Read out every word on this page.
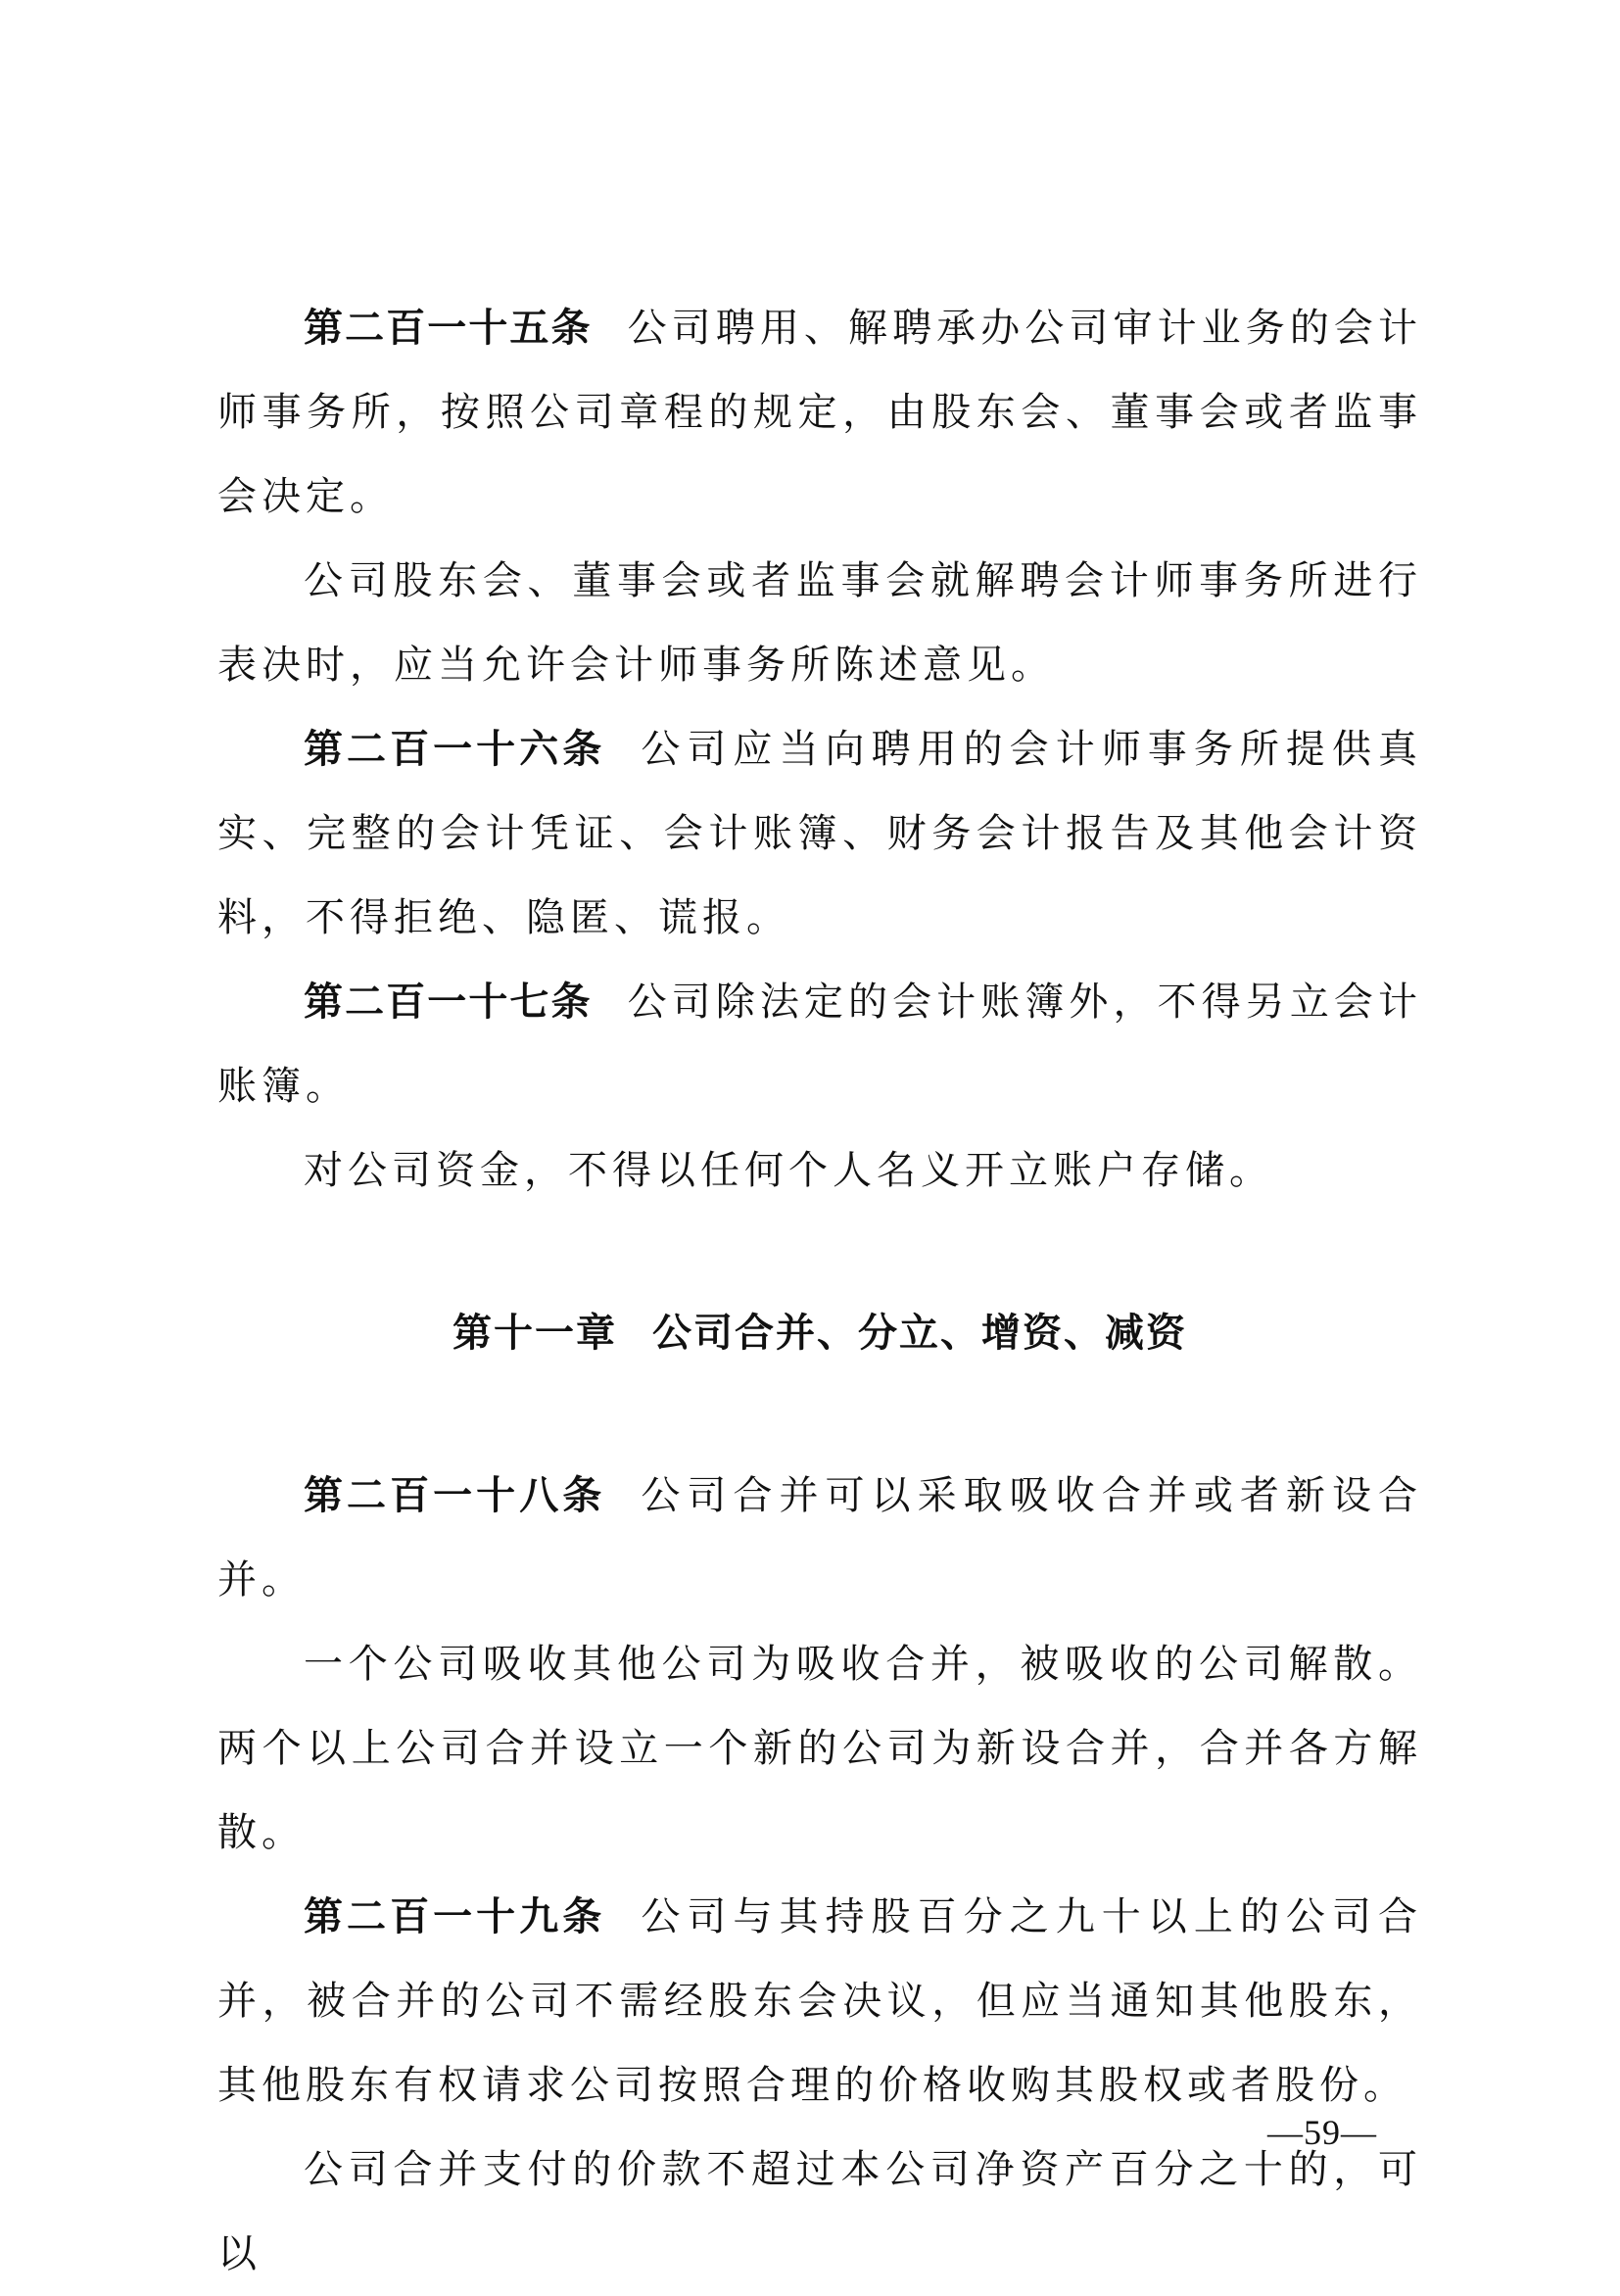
第二百一十五条 公司聘用、解聘承办公司审计业务的会计师事务所，按照公司章程的规定，由股东会、董事会或者监事会决定。

公司股东会、董事会或者监事会就解聘会计师事务所进行表决时，应当允许会计师事务所陈述意见。

第二百一十六条 公司应当向聘用的会计师事务所提供真实、完整的会计凭证、会计账簿、财务会计报告及其他会计资料，不得拒绝、隐匿、谎报。

第二百一十七条 公司除法定的会计账簿外，不得另立会计账簿。

对公司资金，不得以任何个人名义开立账户存储。

第十一章 公司合并、分立、增资、减资

第二百一十八条 公司合并可以采取吸收合并或者新设合并。

一个公司吸收其他公司为吸收合并，被吸收的公司解散。两个以上公司合并设立一个新的公司为新设合并，合并各方解散。

第二百一十九条 公司与其持股百分之九十以上的公司合并，被合并的公司不需经股东会决议，但应当通知其他股东，其他股东有权请求公司按照合理的价格收购其股权或者股份。

公司合并支付的价款不超过本公司净资产百分之十的，可以

—59—
